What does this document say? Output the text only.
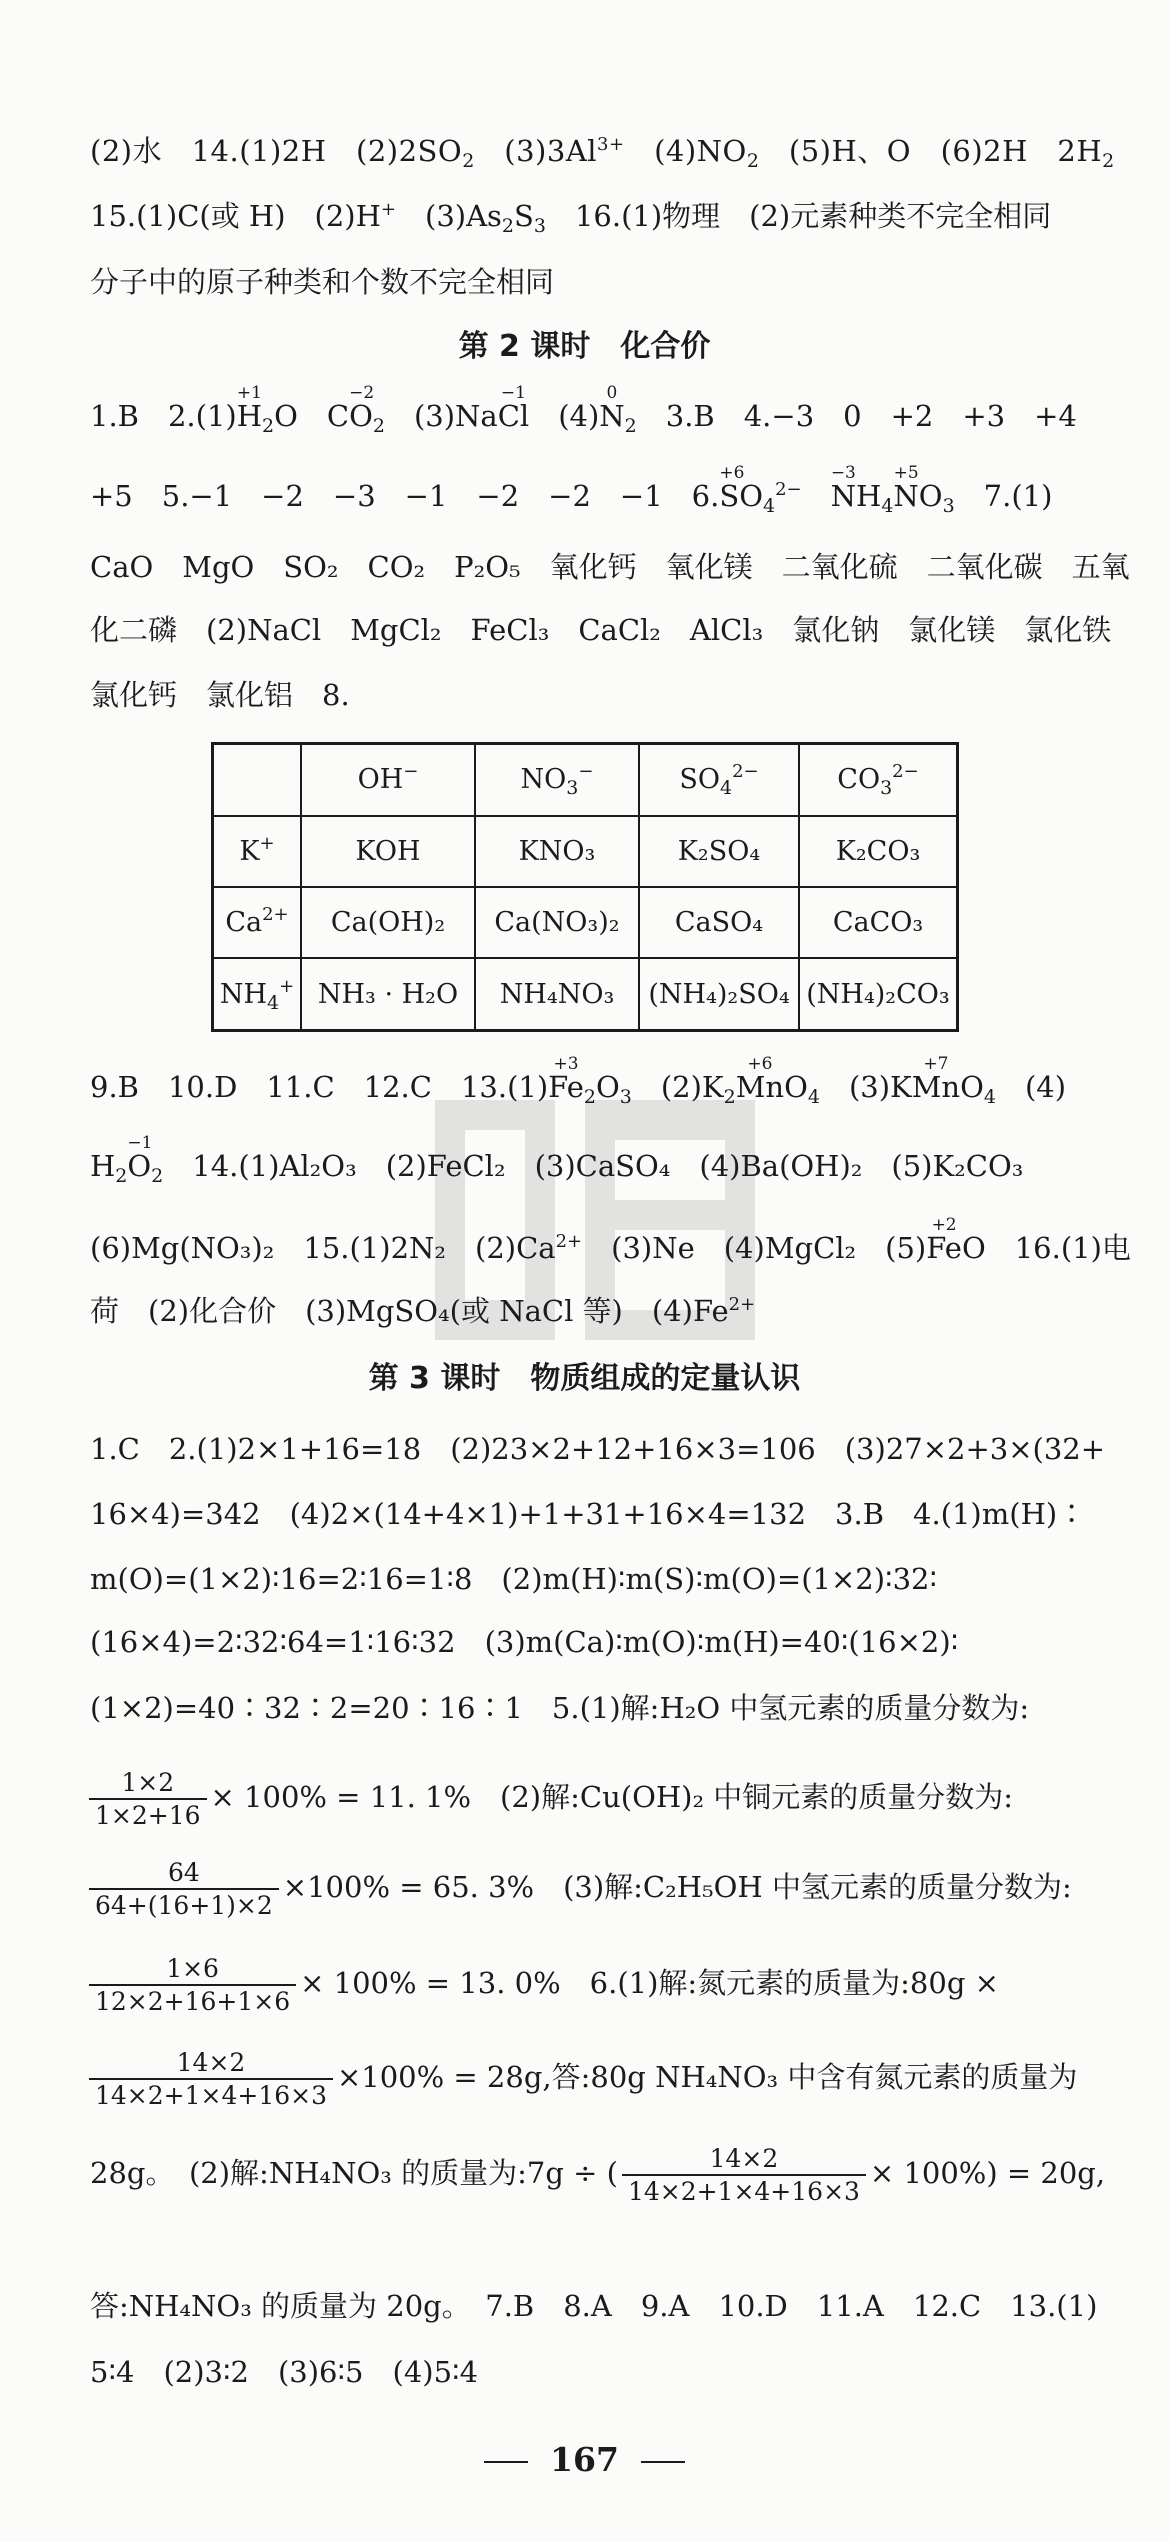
(2)水　14.(1)2H　$(2)2SO_2$　$(3)3Al^{3+}$　$(4)NO_2$　(5)H、O　(6)2H　$2H_2$
15.(1)C(或 H)　(2)H+　$(3)As_2S_3$　16.(1)物理　(2)元素种类不完全相同
分子中的原子种类和个数不完全相同
第 2 课时　化合价
1.B　2.(1)
+1
$H_2O$　C
−2
$O_2$　(3)Na
−1
Cl　(4)
0
$N_2$　3.B　4.−3　0　+2　+3　+4
+5　5.−1　−2　−3　−1　−2　−2　−1　6.
+6
$SO_4^{2-}$　
−3
$NH_4$
+5
$NO_3$　7.(1)
CaO　MgO　SO₂　CO₂　P₂O₅　氧化钙　氧化镁　二氧化硫　二氧化碳　五氧
化二磷　(2)NaCl　MgCl₂　FeCl₃　CaCl₂　AlCl₃　氯化钠　氯化镁　氯化铁
氯化钙　氯化铝　8.
	OH−	$NO_3^-$	$SO_4^{2-}$	$CO_3^{2-}$
K+	KOH	KNO₃	K₂SO₄	K₂CO₃
$Ca^{2+}$	Ca(OH)₂	Ca(NO₃)₂	CaSO₄	CaCO₃
$NH_4^+$	NH₃ · H₂O	NH₄NO₃	(NH₄)₂SO₄	(NH₄)₂CO₃
9.B　10.D　11.C　12.C　13.(1)
+3
$Fe_2O_3$　$(2)K_2$
+6
MnO$_4$　(3)K
+7
MnO$_4$　(4)
$H_2$
−1
$O_2$　14.(1)Al₂O₃　(2)FeCl₂　(3)CaSO₄　(4)Ba(OH)₂　(5)K₂CO₃
(6)Mg(NO₃)₂　15.(1)2N₂　$(2)Ca^{2+}$　(3)Ne　(4)MgCl₂　(5)
+2
FeO　16.(1)电
荷　(2)化合价　(3)MgSO₄(或 NaCl 等)　$(4)Fe^{2+}$
第 3 课时　物质组成的定量认识
1.C　2.(1)2×1+16=18　(2)23×2+12+16×3=106　(3)27×2+3×(32+
16×4)=342　(4)2×(14+4×1)+1+31+16×4=132　3.B　4.(1)m(H)∶
m(O)=(1×2)∶16=2∶16=1∶8　(2)m(H)∶m(S)∶m(O)=(1×2)∶32∶
(16×4)=2∶32∶64=1∶16∶32　(3)m(Ca)∶m(O)∶m(H)=40∶(16×2)∶
(1×2)=40∶32∶2=20∶16∶1　5.(1)解:H₂O 中氢元素的质量分数为:
$\frac{1\times 2}{1\times 2+16} \times 100\% = 11$. 1%　(2)解:Cu(OH)₂ 中铜元素的质量分数为:
$\frac{64}{64+(16+1)\times 2} \times 100\% = 65$. 3%　(3)解:C₂H₅OH 中氢元素的质量分数为:
$\frac{1\times 6}{12\times 2+16+1\times 6} \times 100\% = 13$. 0%　6.(1)解:氮元素的质量为:80g ×
$\frac{14\times 2}{14\times 2+1\times 4+16\times 3} \times 100\% = 28g$,答:80g NH₄NO₃ 中含有氮元素的质量为
28g。　(2)解:NH₄NO₃ 的质量为:7g ÷ ( $\frac{14\times 2}{14\times 2+1\times 4+16\times 3} \times 100\%) = 20g$,
答:NH₄NO₃ 的质量为 20g。　7.B　8.A　9.A　10.D　11.A　12.C　13.(1)
5∶4　(2)3∶2　(3)6∶5　(4)5∶4
167
